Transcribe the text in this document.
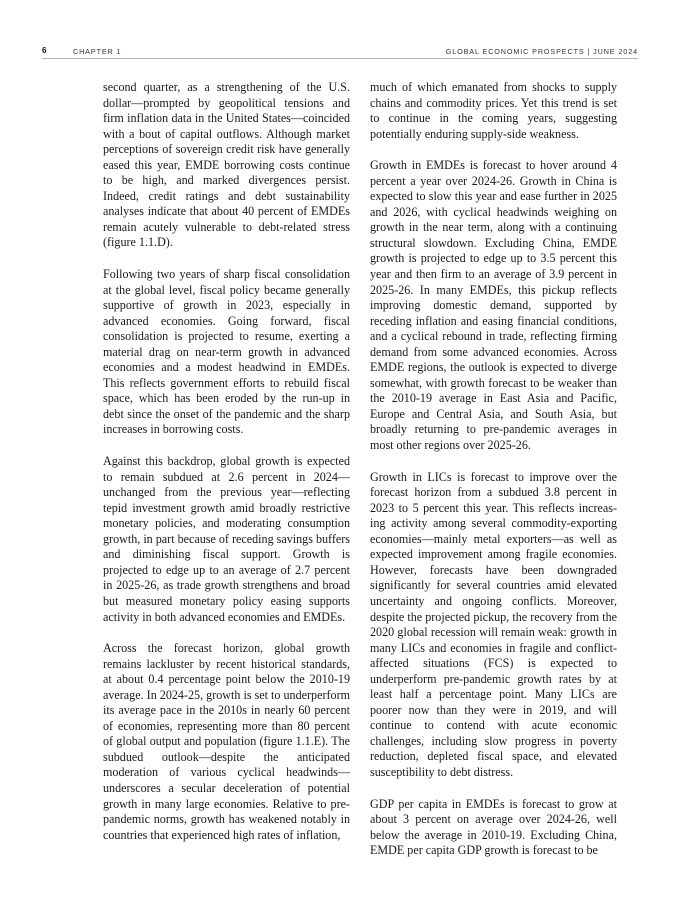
6	CHAPTER 1	GLOBAL ECONOMIC PROSPECTS | JUNE 2024

second quarter, as a strengthening of the U.S. dollar—prompted by geopolitical tensions and firm inflation data in the United States—coincided with a bout of capital outflows. Although market perceptions of sovereign credit risk have generally eased this year, EMDE borrowing costs continue to be high, and marked divergences persist. Indeed, credit ratings and debt sustainability analyses indicate that about 40 percent of EMDEs remain acutely vulnerable to debt-related stress (figure 1.1.D).

Following two years of sharp fiscal consolidation at the global level, fiscal policy became generally supportive of growth in 2023, especially in advanced economies. Going forward, fiscal consolidation is projected to resume, exerting a material drag on near-term growth in advanced economies and a modest headwind in EMDEs. This reflects government efforts to rebuild fiscal space, which has been eroded by the run-up in debt since the onset of the pandemic and the sharp increases in borrowing costs.

Against this backdrop, global growth is expected to remain subdued at 2.6 percent in 2024—unchanged from the previous year—reflecting tepid investment growth amid broadly restrictive monetary policies, and moderating consumption growth, in part because of receding savings buffers and diminishing fiscal support. Growth is projected to edge up to an average of 2.7 percent in 2025-26, as trade growth strengthens and broad but measured monetary policy easing supports activity in both advanced economies and EMDEs.

Across the forecast horizon, global growth remains lackluster by recent historical standards, at about 0.4 percentage point below the 2010-19 average. In 2024-25, growth is set to underperform its average pace in the 2010s in nearly 60 percent of economies, representing more than 80 percent of global output and population (figure 1.1.E). The subdued outlook—despite the anticipated moderation of various cyclical headwinds—underscores a secular deceleration of potential growth in many large economies. Relative to pre-pandemic norms, growth has weakened notably in countries that experienced high rates of inflation,

much of which emanated from shocks to supply chains and commodity prices. Yet this trend is set to continue in the coming years, suggesting potentially enduring supply-side weakness.

Growth in EMDEs is forecast to hover around 4 percent a year over 2024-26. Growth in China is expected to slow this year and ease further in 2025 and 2026, with cyclical headwinds weighing on growth in the near term, along with a continuing structural slowdown. Excluding China, EMDE growth is projected to edge up to 3.5 percent this year and then firm to an average of 3.9 percent in 2025-26. In many EMDEs, this pickup reflects improving domestic demand, supported by receding inflation and easing financial conditions, and a cyclical rebound in trade, reflecting firming demand from some advanced economies. Across EMDE regions, the outlook is expected to diverge somewhat, with growth forecast to be weaker than the 2010-19 average in East Asia and Pacific, Europe and Central Asia, and South Asia, but broadly returning to pre-pandemic averages in most other regions over 2025-26.

Growth in LICs is forecast to improve over the forecast horizon from a subdued 3.8 percent in 2023 to 5 percent this year. This reflects increas-ing activity among several commodity-exporting economies—mainly metal exporters—as well as expected improvement among fragile economies. However, forecasts have been downgraded significantly for several countries amid elevated uncertainty and ongoing conflicts. Moreover, despite the projected pickup, the recovery from the 2020 global recession will remain weak: growth in many LICs and economies in fragile and conflict-affected situations (FCS) is expected to underperform pre-pandemic growth rates by at least half a percentage point. Many LICs are poorer now than they were in 2019, and will continue to contend with acute economic challenges, including slow progress in poverty reduction, depleted fiscal space, and elevated susceptibility to debt distress.

GDP per capita in EMDEs is forecast to grow at about 3 percent on average over 2024-26, well below the average in 2010-19. Excluding China, EMDE per capita GDP growth is forecast to be
